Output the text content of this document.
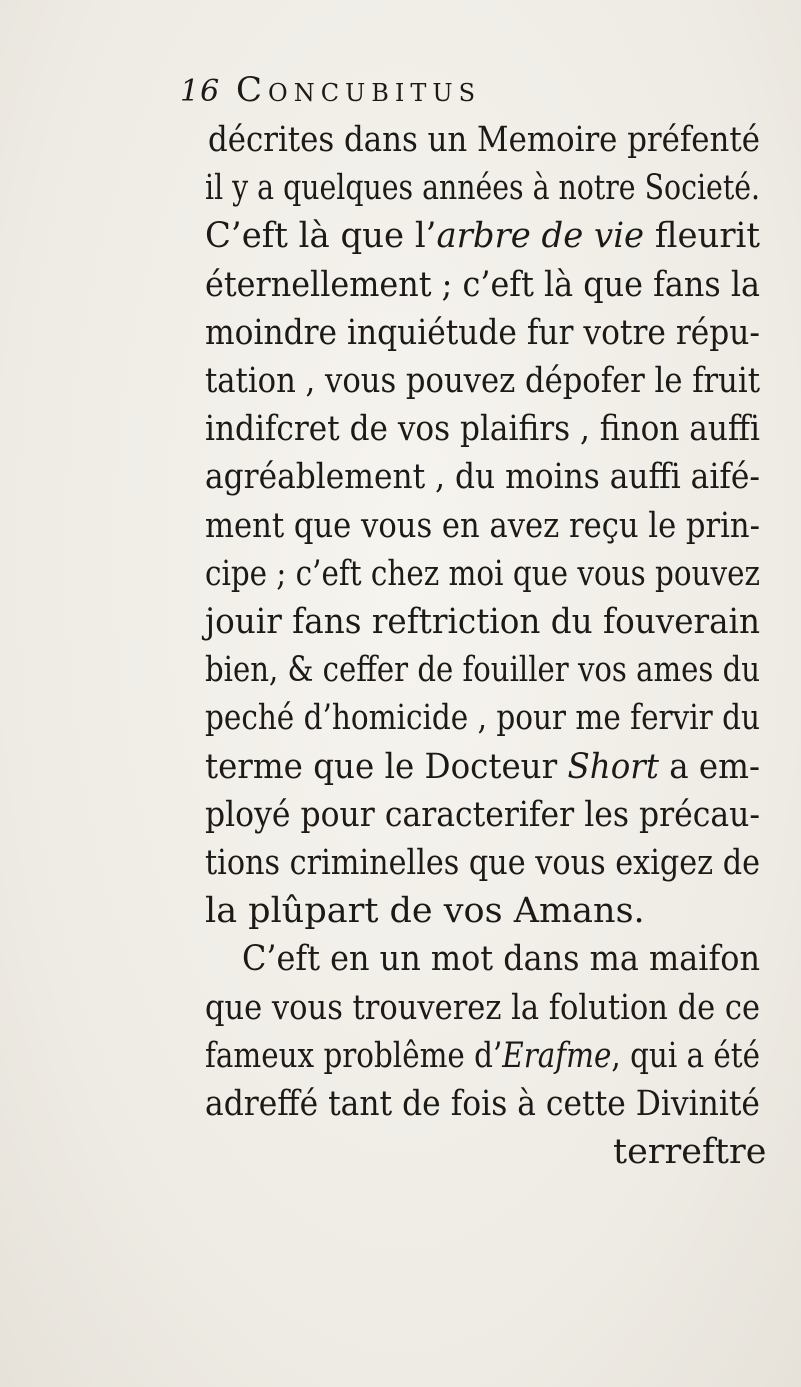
16 Concubitus
décrites dans un Memoire préfenté
il y a quelques années à notre Societé.
C’eft là que l’arbre de vie fleurit
éternellement ; c’eft là que fans la
moindre inquiétude fur votre répu-
tation , vous pouvez dépofer le fruit
indifcret de vos plaifirs , finon auffi
agréablement , du moins auffi aifé-
ment que vous en avez reçu le prin-
cipe ; c’eft chez moi que vous pouvez
jouir fans reftriction du fouverain
bien, & ceffer de fouiller vos ames du
peché d’homicide , pour me fervir du
terme que le Docteur Short a em-
ployé pour caracterifer les précau-
tions criminelles que vous exigez de
la plûpart de vos Amans.
C’eft en un mot dans ma maifon
que vous trouverez la folution de ce
fameux problême d’Erafme, qui a été
adreffé tant de fois à cette Divinité
terreftre
